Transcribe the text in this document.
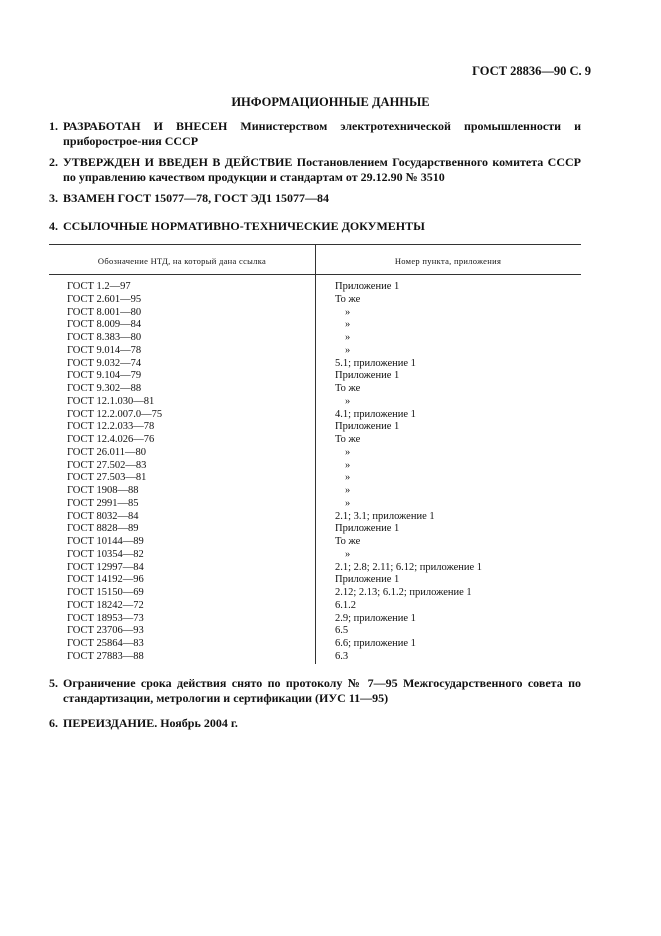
ГОСТ 28836—90 С. 9
ИНФОРМАЦИОННЫЕ ДАННЫЕ
1. РАЗРАБОТАН И ВНЕСЕН Министерством электротехнической промышленности и приборострое-ния СССР
2. УТВЕРЖДЕН И ВВЕДЕН В ДЕЙСТВИЕ Постановлением Государственного комитета СССР по управлению качеством продукции и стандартам от 29.12.90 № 3510
3. ВЗАМЕН ГОСТ 15077—78, ГОСТ ЭД1 15077—84
4. ССЫЛОЧНЫЕ НОРМАТИВНО-ТЕХНИЧЕСКИЕ ДОКУМЕНТЫ
Обозначение НТД, на который дана ссылка	Номер пункта, приложения
ГОСТ 1.2—97	Приложение 1
ГОСТ 2.601—95	То же
ГОСТ 8.001—80	»
ГОСТ 8.009—84	»
ГОСТ 8.383—80	»
ГОСТ 9.014—78	»
ГОСТ 9.032—74	5.1; приложение 1
ГОСТ 9.104—79	Приложение 1
ГОСТ 9.302—88	То же
ГОСТ 12.1.030—81	»
ГОСТ 12.2.007.0—75	4.1; приложение 1
ГОСТ 12.2.033—78	Приложение 1
ГОСТ 12.4.026—76	То же
ГОСТ 26.011—80	»
ГОСТ 27.502—83	»
ГОСТ 27.503—81	»
ГОСТ 1908—88	»
ГОСТ 2991—85	»
ГОСТ 8032—84	2.1; 3.1; приложение 1
ГОСТ 8828—89	Приложение 1
ГОСТ 10144—89	То же
ГОСТ 10354—82	»
ГОСТ 12997—84	2.1; 2.8; 2.11; 6.12; приложение 1
ГОСТ 14192—96	Приложение 1
ГОСТ 15150—69	2.12; 2.13; 6.1.2; приложение 1
ГОСТ 18242—72	6.1.2
ГОСТ 18953—73	2.9; приложение 1
ГОСТ 23706—93	6.5
ГОСТ 25864—83	6.6; приложение 1
ГОСТ 27883—88	6.3
5. Ограничение срока действия снято по протоколу № 7—95 Межгосударственного совета по стандартизации, метрологии и сертификации (ИУС 11—95)
6. ПЕРЕИЗДАНИЕ. Ноябрь 2004 г.
